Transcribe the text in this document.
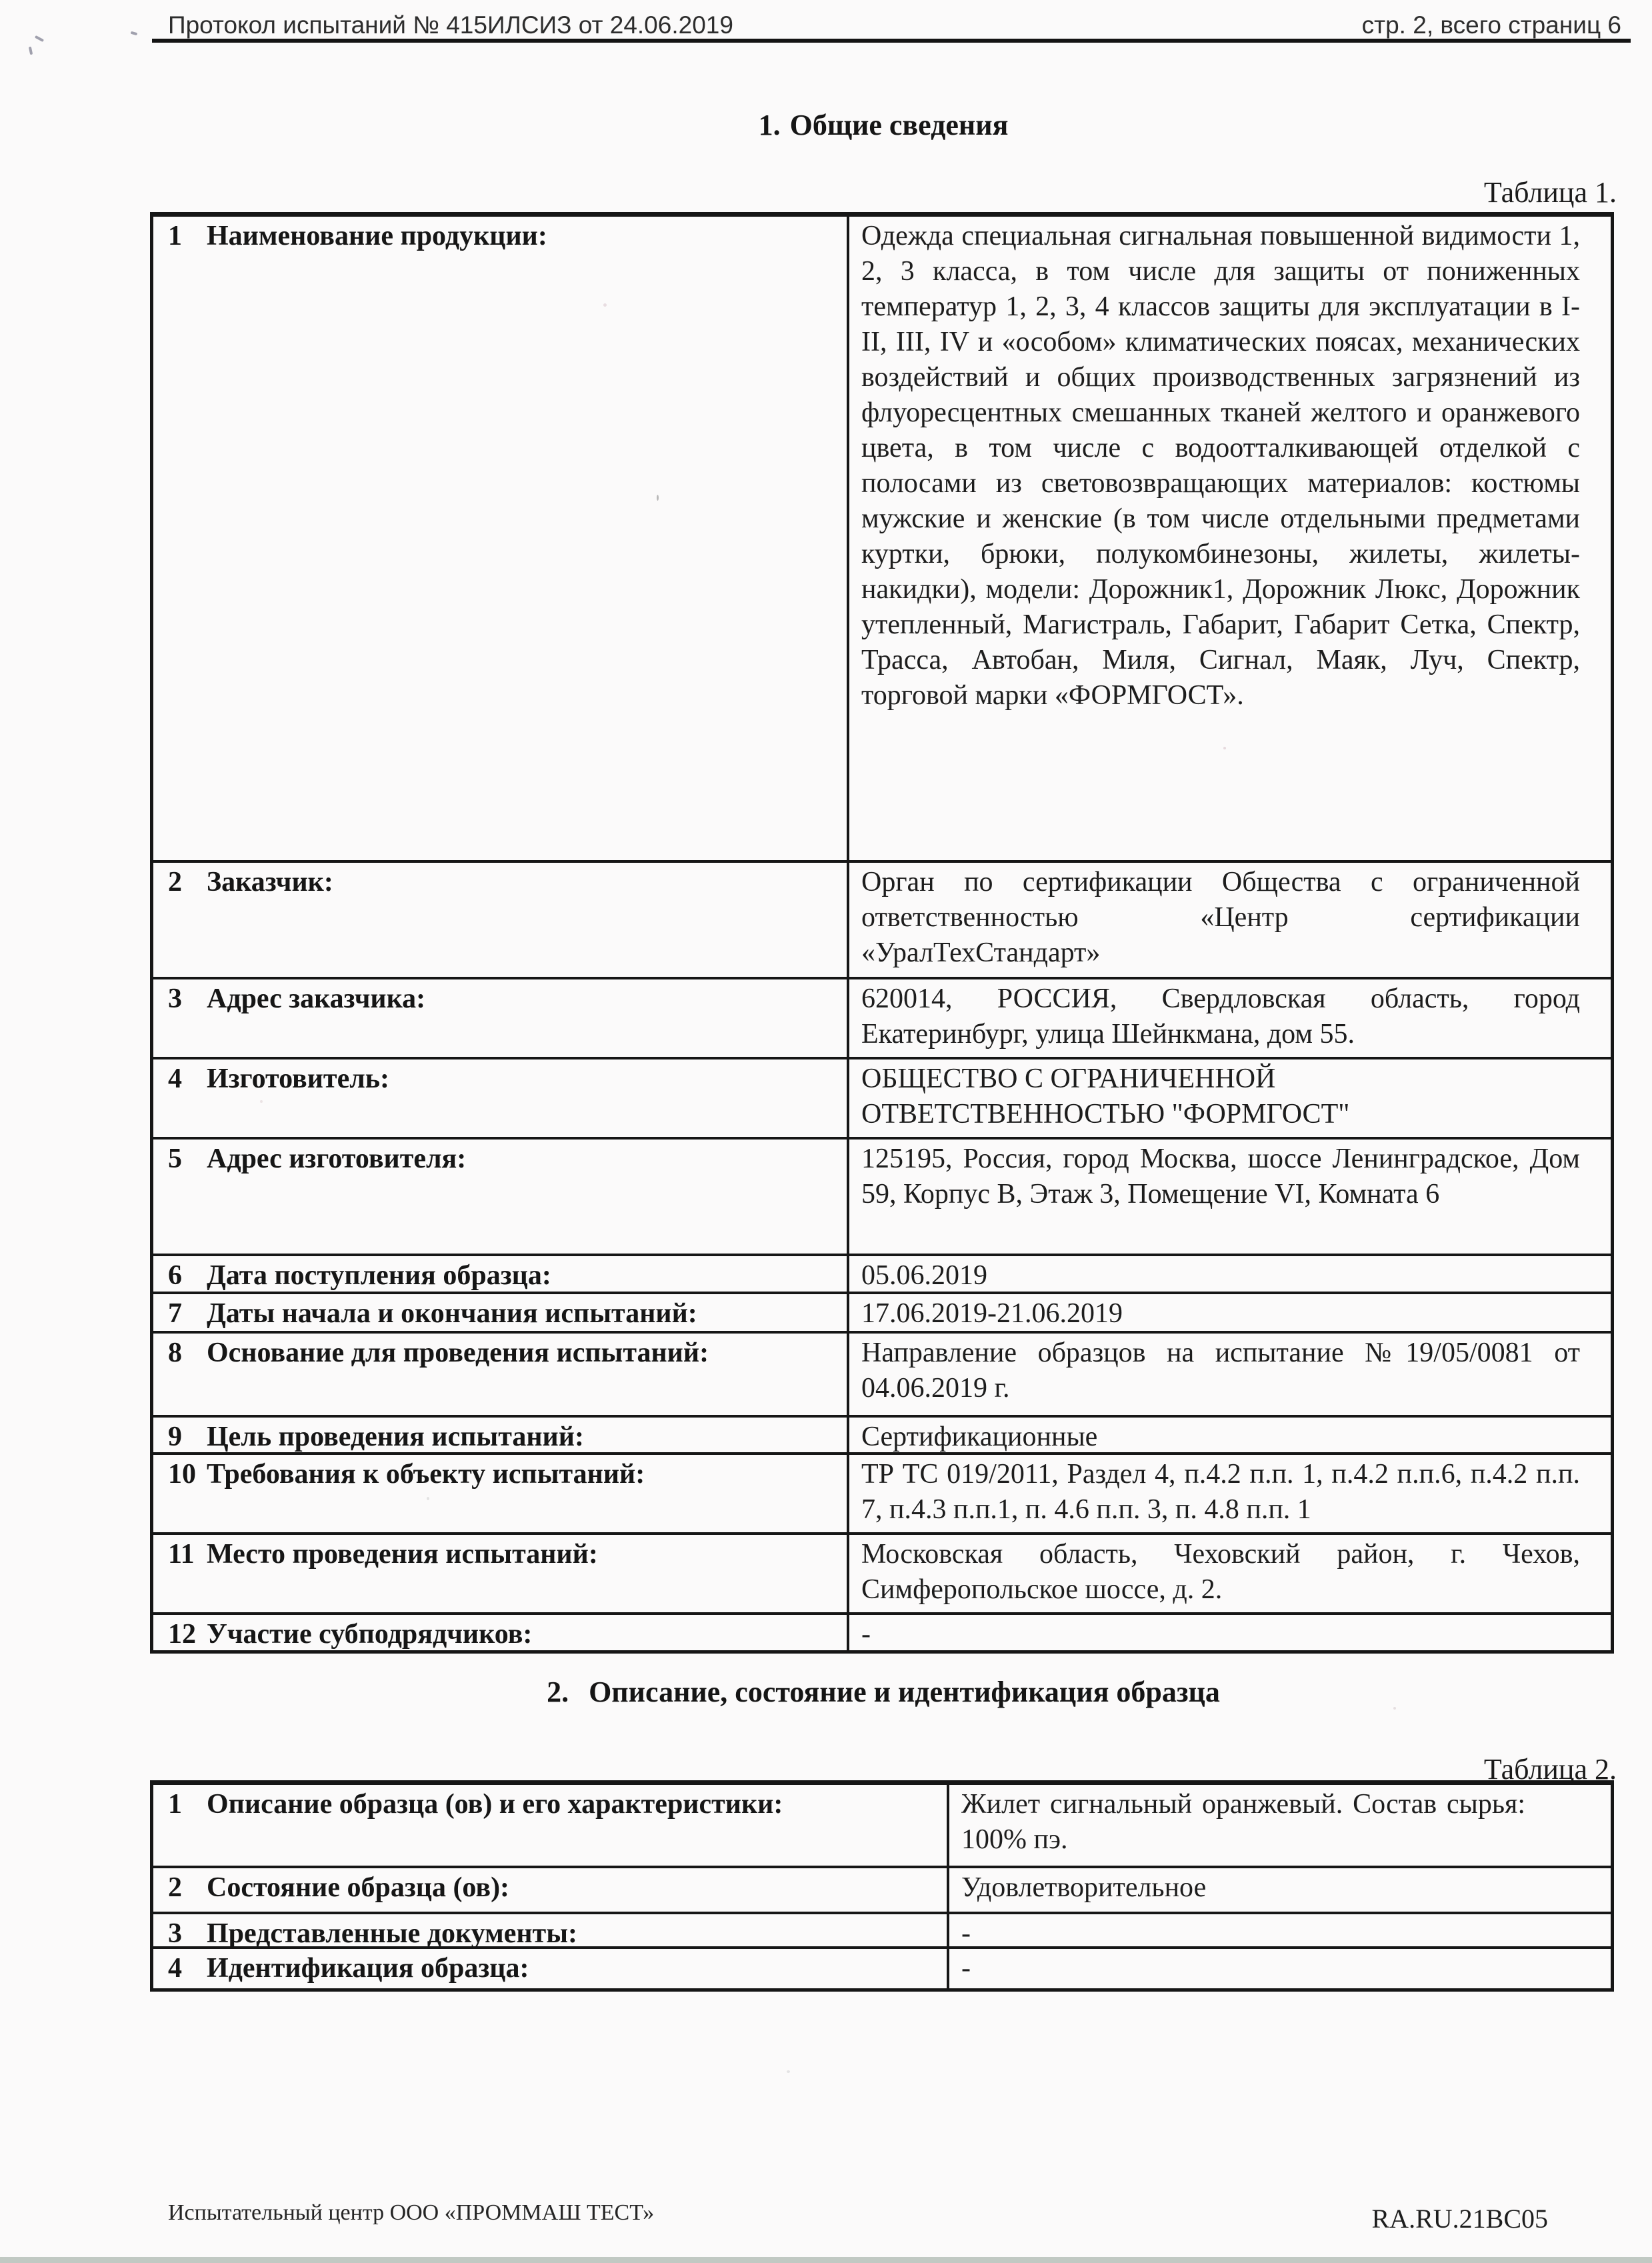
Протокол испытаний № 415ИЛСИЗ от 24.06.2019	стр. 2, всего страниц 6
1. Общие сведения
Таблица 1.
1 Наименование продукции:	Одежда специальная сигнальная повышенной видимости 1, 2, 3 класса, в том числе для защиты от пониженных температур 1, 2, 3, 4 классов защиты для эксплуатации в I-II, III, IV и «особом» климатических поясах, механических воздействий и общих производственных загрязнений из флуоресцентных смешанных тканей желтого и оранжевого цвета, в том числе с водоотталкивающей отделкой с полосами из световозвращающих материалов: костюмы мужские и женские (в том числе отдельными предметами куртки, брюки, полукомбинезоны, жилеты, жилеты-накидки), модели: Дорожник1, Дорожник Люкс, Дорожник утепленный, Магистраль, Габарит, Габарит Сетка, Спектр, Трасса, Автобан, Миля, Сигнал, Маяк, Луч, Спектр, торговой марки «ФОРМГОСТ».
2 Заказчик:	Орган по сертификации Общества с ограниченной ответственностью «Центр сертификации «УралТехСтандарт»
3 Адрес заказчика:	620014, РОССИЯ, Свердловская область, город Екатеринбург, улица Шейнкмана, дом 55.
4 Изготовитель:	ОБЩЕСТВО С ОГРАНИЧЕННОЙ ОТВЕТСТВЕННОСТЬЮ "ФОРМГОСТ"
5 Адрес изготовителя:	125195, Россия, город Москва, шоссе Ленинградское, Дом 59, Корпус В, Этаж 3, Помещение VI, Комната 6
6 Дата поступления образца:	05.06.2019
7 Даты начала и окончания испытаний:	17.06.2019-21.06.2019
8 Основание для проведения испытаний:	Направление образцов на испытание №19/05/0081 от 04.06.2019 г.
9 Цель проведения испытаний:	Сертификационные
10 Требования к объекту испытаний:	ТР ТС 019/2011, Раздел 4, п.4.2 п.п. 1, п.4.2 п.п.6, п.4.2 п.п. 7, п.4.3 п.п.1, п. 4.6 п.п. 3, п. 4.8 п.п. 1
11 Место проведения испытаний:	Московская область, Чеховский район, г. Чехов, Симферопольское шоссе, д. 2.
12 Участие субподрядчиков:	-
2. Описание, состояние и идентификация образца
Таблица 2.
1 Описание образца (ов) и его характеристики:	Жилет сигнальный оранжевый. Состав сырья: 100% пэ.
2 Состояние образца (ов):	Удовлетворительное
3 Представленные документы:	-
4 Идентификация образца:	-
Испытательный центр ООО «ПРОММАШ ТЕСТ»	RA.RU.21BC05
